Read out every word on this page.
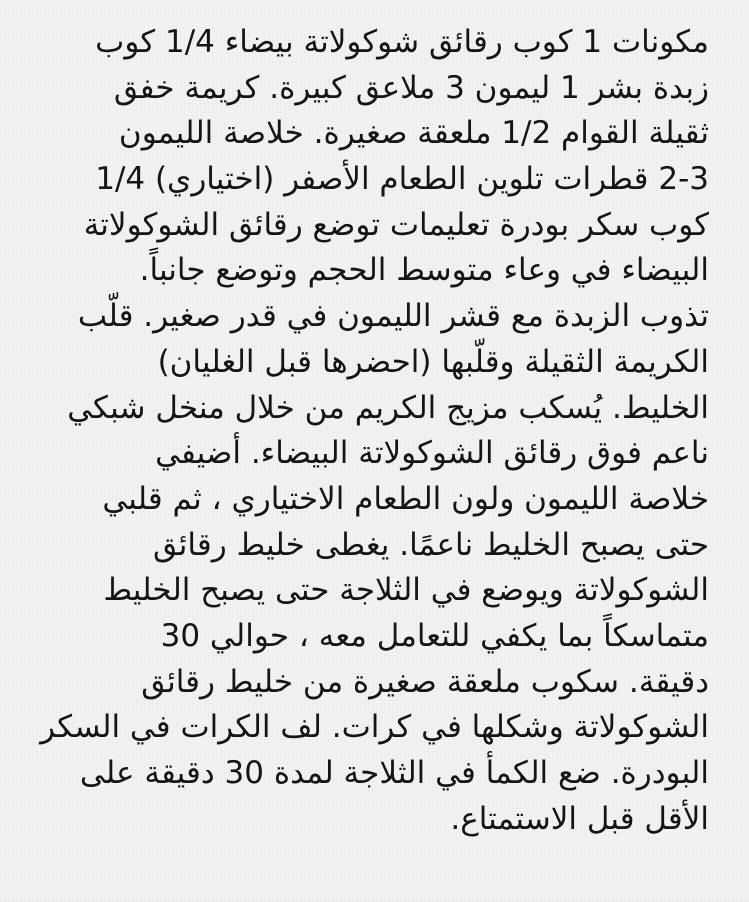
مكونات 1 كوب رقائق شوكولاتة بيضاء 1/4 كوب
زبدة بشر 1 ليمون 3 ملاعق كبيرة. كريمة خفق
ثقيلة القوام 1/2 ملعقة صغيرة. خلاصة الليمون
2-3 قطرات تلوين الطعام الأصفر (اختياري) 1/4
كوب سكر بودرة تعليمات توضع رقائق الشوكولاتة
البيضاء في وعاء متوسط الحجم وتوضع جانباً.
تذوب الزبدة مع قشر الليمون في قدر صغير. قلّب
الكريمة الثقيلة وقلّبها (احضرها قبل الغليان)
الخليط. يُسكب مزيج الكريم من خلال منخل شبكي
ناعم فوق رقائق الشوكولاتة البيضاء. أضيفي
خلاصة الليمون ولون الطعام الاختياري ، ثم قلبي
حتى يصبح الخليط ناعمًا. يغطى خليط رقائق
الشوكولاتة ويوضع في الثلاجة حتى يصبح الخليط
متماسكاً بما يكفي للتعامل معه ، حوالي 30
دقيقة. سكوب ملعقة صغيرة من خليط رقائق
الشوكولاتة وشكلها في كرات. لف الكرات في السكر
البودرة. ضع الكمأ في الثلاجة لمدة 30 دقيقة على
الأقل قبل الاستمتاع.
